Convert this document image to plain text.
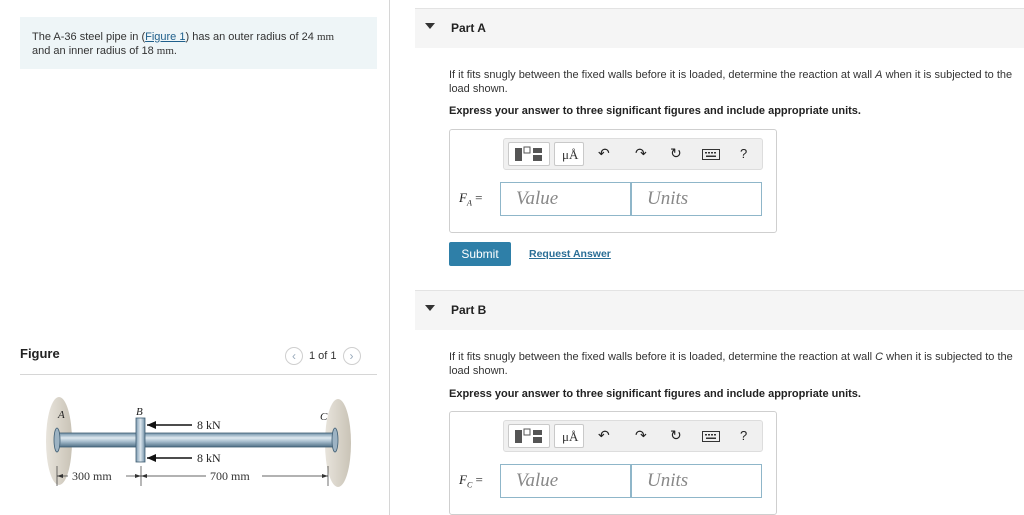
The A-36 steel pipe in (Figure 1) has an outer radius of 24 mm
and an inner radius of 18 mm.
Figure	‹	1 of 1	›
A	B	C
8 kN
8 kN
300 mm	700 mm
Part A
If it fits snugly between the fixed walls before it is loaded, determine the reaction at wall A when it is subjected to the load shown.
Express your answer to three significant figures and include appropriate units.
μÅ ↶ ↷ ↻	?
$F_A$ =	Value	Units
Submit	Request Answer
Part B
If it fits snugly between the fixed walls before it is loaded, determine the reaction at wall C when it is subjected to the load shown.
Express your answer to three significant figures and include appropriate units.
μÅ ↶ ↷ ↻	?
$F_C$ =	Value	Units
